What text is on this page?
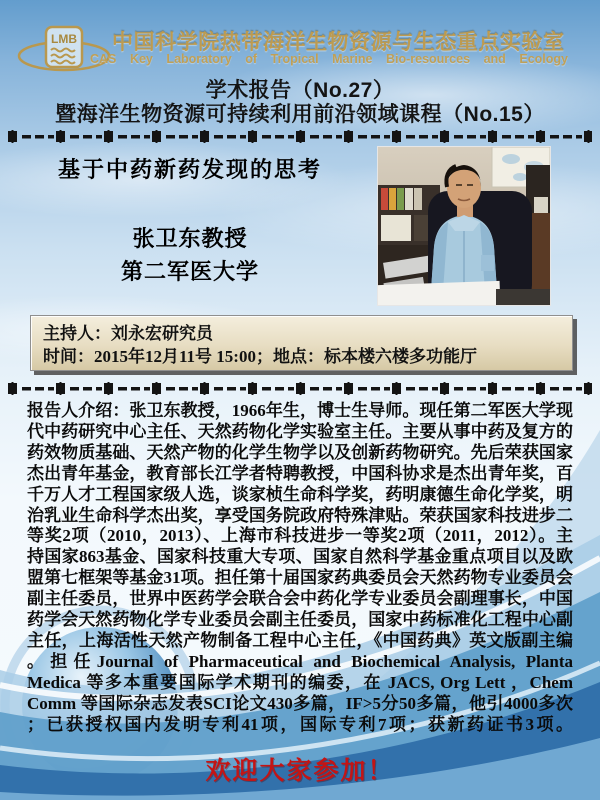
LMB 中国科学院热带海洋生物资源与生态重点实验室
CAS Key Laboratory of Tropical Marine Bio-resources and Ecology
学术报告（No.27）
暨海洋生物资源可持续利用前沿领域课程（No.15）
基于中药新药发现的思考
张卫东教授
第二军医大学
主持人：刘永宏研究员
时间：2015年12月11号 15:00；地点：标本楼六楼多功能厅
报告人介绍：张卫东教授，1966年生，博士生导师。现任第二军医大学现
代中药研究中心主任、天然药物化学实验室主任。主要从事中药及复方的
药效物质基础、天然产物的化学生物学以及创新药物研究。先后荣获国家
杰出青年基金，教育部长江学者特聘教授，中国科协求是杰出青年奖，百
千万人才工程国家级人选，谈家桢生命科学奖，药明康德生命化学奖，明
治乳业生命科学杰出奖，享受国务院政府特殊津贴。荣获国家科技进步二
等奖2项（2010，2013）、上海市科技进步一等奖2项（2011，2012）。主
持国家863基金、国家科技重大专项、国家自然科学基金重点项目以及欧
盟第七框架等基金31项。担任第十届国家药典委员会天然药物专业委员会
副主任委员，世界中医药学会联合会中药化学专业委员会副理事长，中国
药学会天然药物化学专业委员会副主任委员，国家中药标准化工程中心副
主任，上海活性天然产物制备工程中心主任，《中国药典》英文版副主编
。担任Journal of Pharmaceutical and Biochemical Analysis, Planta
Medica 等多本重要国际学术期刊的编委，在 JACS, Org Lett ，Chem
Comm 等国际杂志发表SCI论文430多篇，IF>5分50多篇，他引4000多次
；已获授权国内发明专利41项，国际专利7项；获新药证书3项。
欢迎大家参加！
